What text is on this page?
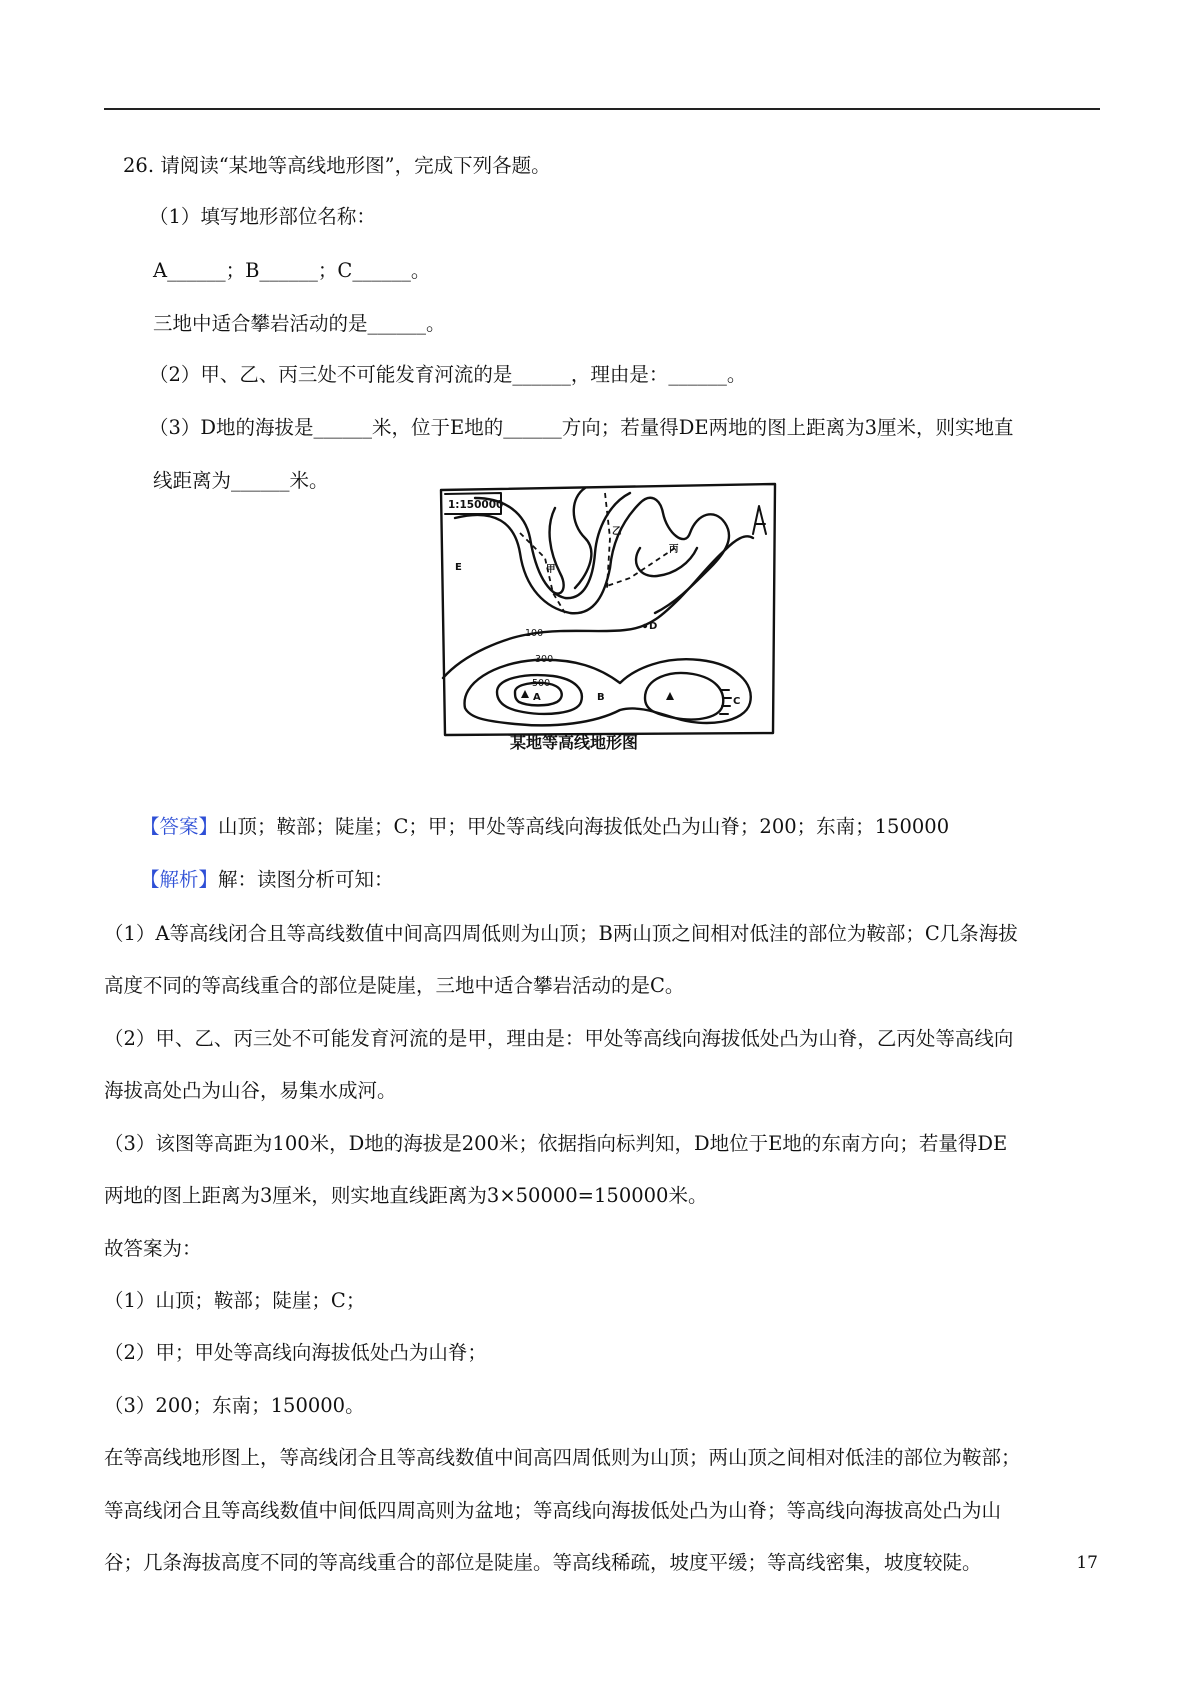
26. 请阅读“某地等高线地形图”，完成下列各题。
（1）填写地形部位名称：
A______；B______；C______。
三地中适合攀岩活动的是______。
（2）甲、乙、丙三处不可能发育河流的是______，理由是：______。
（3）D地的海拔是______米，位于E地的______方向；若量得DE两地的图上距离为3厘米，则实地直
线距离为______米。
1:150000
100
300
500
A	B	C
D
E	甲
乙
丙
某地等高线地形图
【答案】山顶；鞍部；陡崖；C；甲；甲处等高线向海拔低处凸为山脊；200；东南；150000
【解析】解：读图分析可知：
（1）A等高线闭合且等高线数值中间高四周低则为山顶；B两山顶之间相对低洼的部位为鞍部；C几条海拔
高度不同的等高线重合的部位是陡崖，三地中适合攀岩活动的是C。
（2）甲、乙、丙三处不可能发育河流的是甲，理由是：甲处等高线向海拔低处凸为山脊，乙丙处等高线向
海拔高处凸为山谷，易集水成河。
（3）该图等高距为100米，D地的海拔是200米；依据指向标判知，D地位于E地的东南方向；若量得DE
两地的图上距离为3厘米，则实地直线距离为3×50000=150000米。
故答案为：
（1）山顶；鞍部；陡崖；C；
（2）甲；甲处等高线向海拔低处凸为山脊；
（3）200；东南；150000。
在等高线地形图上，等高线闭合且等高线数值中间高四周低则为山顶；两山顶之间相对低洼的部位为鞍部；
等高线闭合且等高线数值中间低四周高则为盆地；等高线向海拔低处凸为山脊；等高线向海拔高处凸为山
谷；几条海拔高度不同的等高线重合的部位是陡崖。等高线稀疏，坡度平缓；等高线密集，坡度较陡。	17
